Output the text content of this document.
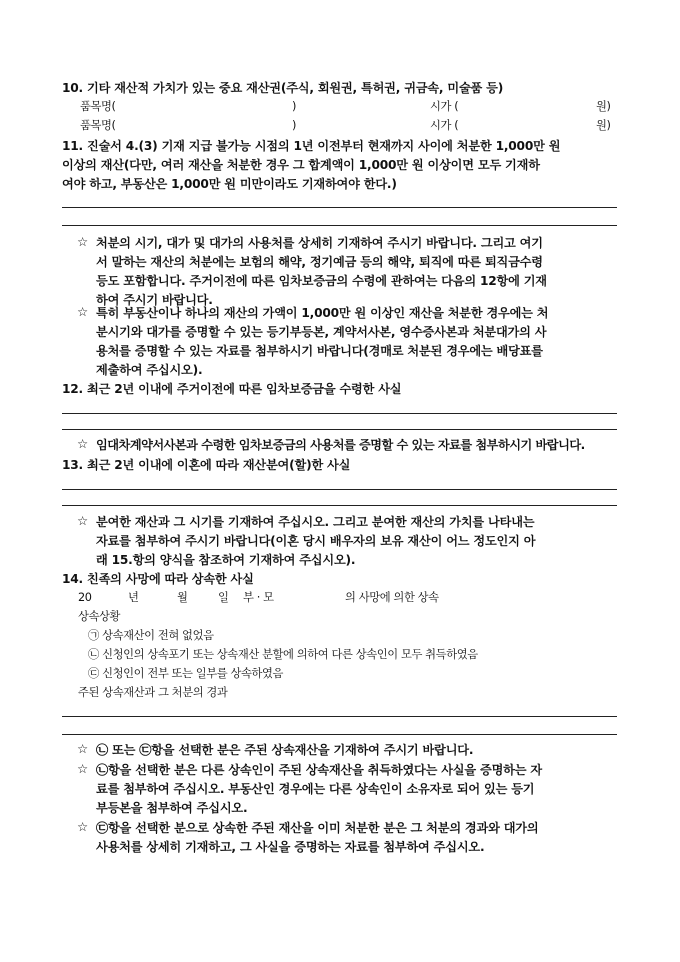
10. 기타 재산적 가치가 있는 중요 재산권(주식, 회원권, 특허권, 귀금속, 미술품 등)
품목명(	)	시가 (	원)
품목명(	)	시가 (	원)
11. 진술서 4.(3) 기재 지급 불가능 시점의 1년 이전부터 현재까지 사이에 처분한 1,000만 원
이상의 재산(다만, 여러 재산을 처분한 경우 그 합계액이 1,000만 원 이상이면 모두 기재하
여야 하고, 부동산은 1,000만 원 미만이라도 기재하여야 한다.)
☆ 처분의 시기, 대가 및 대가의 사용처를 상세히 기재하여 주시기 바랍니다. 그리고 여기
서 말하는 재산의 처분에는 보험의 해약, 정기예금 등의 해약, 퇴직에 따른 퇴직금수령
등도 포함합니다. 주거이전에 따른 임차보증금의 수령에 관하여는 다음의 12항에 기재
하여 주시기 바랍니다.
☆ 특히 부동산이나 하나의 재산의 가액이 1,000만 원 이상인 재산을 처분한 경우에는 처
분시기와 대가를 증명할 수 있는 등기부등본, 계약서사본, 영수증사본과 처분대가의 사
용처를 증명할 수 있는 자료를 첨부하시기 바랍니다(경매로 처분된 경우에는 배당표를
제출하여 주십시오).
12. 최근 2년 이내에 주거이전에 따른 임차보증금을 수령한 사실
☆ 임대차계약서사본과 수령한 임차보증금의 사용처를 증명할 수 있는 자료를 첨부하시기 바랍니다.
13. 최근 2년 이내에 이혼에 따라 재산분여(할)한 사실
☆ 분여한 재산과 그 시기를 기재하여 주십시오. 그리고 분여한 재산의 가치를 나타내는
자료를 첨부하여 주시기 바랍니다(이혼 당시 배우자의 보유 재산이 어느 정도인지 아
래 15.항의 양식을 참조하여 기재하여 주십시오).
14. 친족의 사망에 따라 상속한 사실
20	년	월	일 부 · 모	의 사망에 의한 상속
상속상황
㉠ 상속재산이 전혀 없었음
㉡ 신청인의 상속포기 또는 상속재산 분할에 의하여 다른 상속인이 모두 취득하였음
㉢ 신청인이 전부 또는 일부를 상속하였음
주된 상속재산과 그 처분의 경과
☆ ㉡ 또는 ㉢항을 선택한 분은 주된 상속재산을 기재하여 주시기 바랍니다.
☆ ㉡항을 선택한 분은 다른 상속인이 주된 상속재산을 취득하였다는 사실을 증명하는 자
료를 첨부하여 주십시오. 부동산인 경우에는 다른 상속인이 소유자로 되어 있는 등기
부등본을 첨부하여 주십시오.
☆ ㉢항을 선택한 분으로 상속한 주된 재산을 이미 처분한 분은 그 처분의 경과와 대가의
사용처를 상세히 기재하고, 그 사실을 증명하는 자료를 첨부하여 주십시오.
